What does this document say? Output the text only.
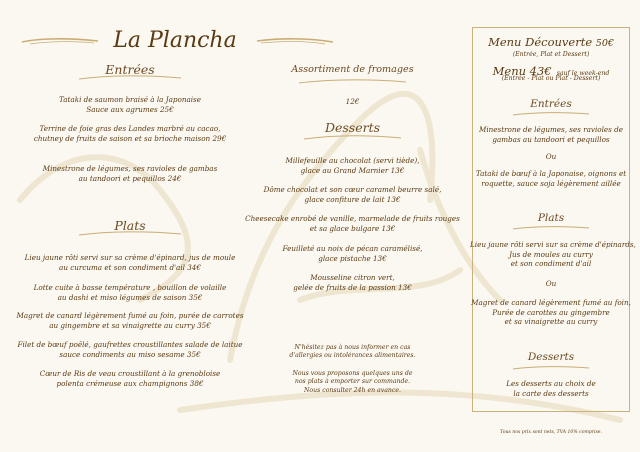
La Plancha
Entrées
Tataki de saumon braisé à la Japonaise
Sauce aux agrumes 25€
Terrine de foie gras des Landes marbré au cacao,
chutney de fruits de saison et sa brioche maison 29€
Minestrone de légumes, ses ravioles de gambas
au tandoori et pequillos 24€
Plats
Lieu jaune rôti servi sur sa crème d'épinard, jus de moule
au curcuma et son condiment d'ail 34€
Lotte cuite à basse température , bouillon de volaille
au dashi et miso légumes de saison 35€
Magret de canard légèrement fumé au foin, purée de carrotes
au gingembre et sa vinaigrette au curry 35€
Filet de bœuf poêlé, gaufrettes croustillantes salade de laitue
sauce condiments au miso sesame 35€
Cœur de Ris de veau croustillant à la grenobloise
polenta crémeuse aux champignons 38€
Assortiment de fromages
12€
Desserts
Millefeuille au chocolat (servi tiède),
glace au Grand Marnier 13€
Dôme chocolat et son cœur caramel beurre salé,
glace confiture de lait 13€
Cheesecake enrobé de vanille, marmelade de fruits rouges
et sa glace bulgare 13€
Feuilleté au noix de pécan caramélisé,
glace pistache 13€
Mousseline citron vert,
gelée de fruits de la passion 13€
N'hésitez pas à nous informer en cas
d'allergies ou intolérances alimentaires.
Nous vous proposons quelques uns de
nos plats à emporter sur commande.
Nous consulter 24h en avance.
Menu Découverte 50€
(Entrée, Plat et Dessert)
Menu 43€ sauf le week-end
(Entrée - Plat ou Plat - Dessert)
Entrées
Minestrone de légumes, ses ravioles de
gambas au tandoori et pequillos
Ou
Tataki de bœuf à la Japonaise, oignons et
roquette, sauce soja légèrement aillée
Plats
Lieu jaune rôti servi sur sa crème d'épinards,
Jus de moules au curry
et son condiment d'ail
Ou
Magret de canard légèrement fumé au foin,
Purée de carottes au gingembre
et sa vinaigrette au curry
Desserts
Les desserts au choix de
la carte des desserts
Tous nos prix sont nets, TVA 10% comprise.
